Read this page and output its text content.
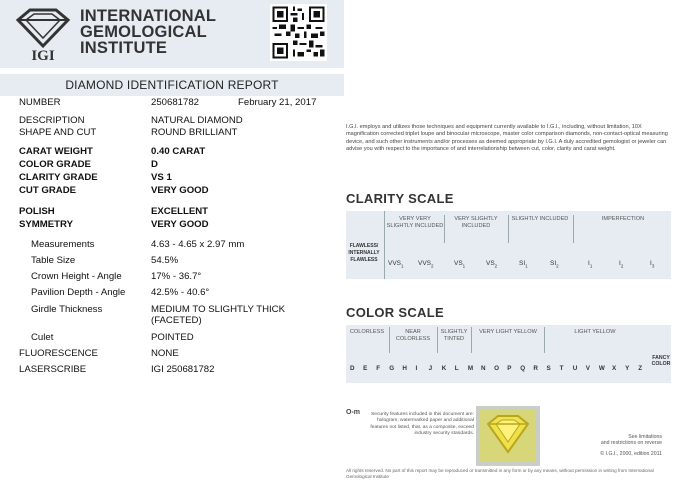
IGI
INTERNATIONAL
GEMOLOGICAL
INSTITUTE
DIAMOND IDENTIFICATION REPORT
NUMBER	250681782	February 21, 2017
DESCRIPTION	NATURAL DIAMOND
SHAPE AND CUT	ROUND BRILLIANT
CARAT WEIGHT	0.40 CARAT
COLOR GRADE	D
CLARITY GRADE	VS 1
CUT GRADE	VERY GOOD
POLISH	EXCELLENT
SYMMETRY	VERY GOOD
Measurements	4.63 - 4.65 x 2.97 mm
Table Size	54.5%
Crown Height - Angle	17% - 36.7°
Pavilion Depth - Angle	42.5% - 40.6°
Girdle Thickness	MEDIUM TO SLIGHTLY THICK
(FACETED)
Culet	POINTED
FLUORESCENCE	NONE
LASERSCRIBE	IGI 250681782
I.G.I. employs and utilizes those techniques and equipment currently available to I.G.I., including, without limitation, 10X magnification corrected triplet loupe and binocular microscope, master color comparison diamonds, non-contact-optical measuring device, and such other instruments and/or processes as deemed appropriate by I.G.I. A duly accredited gemologist or jeweler can advise you with respect to the importance of and interrelationship between cut, color, clarity and carat weight.
CLARITY SCALE
VERY VERY SLIGHTLY INCLUDED
VERY SLIGHTLY INCLUDED
SLIGHTLY INCLUDED	IMPERFECTION
FLAWLESS/ INTERNALLY FLAWLESS
$VVS_1$ $VVS_2$	$VS_1$	$VS_2$	$SI_1$	$SI_2$	$I_1$	$I_2$	$I_3$
COLOR SCALE
COLORLESS	NEAR COLORLESS
SLIGHTLY TINTED
VERY LIGHT YELLOW	LIGHT YELLOW
D E F G H I J K L M N O P Q R S T U V W X Y Z
FANCY COLOR
O-m	Security features included in this document are: hologram, watermarked paper and additional features not listed, that, as a composite, exceed industry security standards.
See limitations
and restrictions on reverse
© I.G.I., 2000, edition 2011
All rights reserved. No part of this report may be reproduced or transmitted in any form or by any means, without permission in writing from International Gemological Institute
